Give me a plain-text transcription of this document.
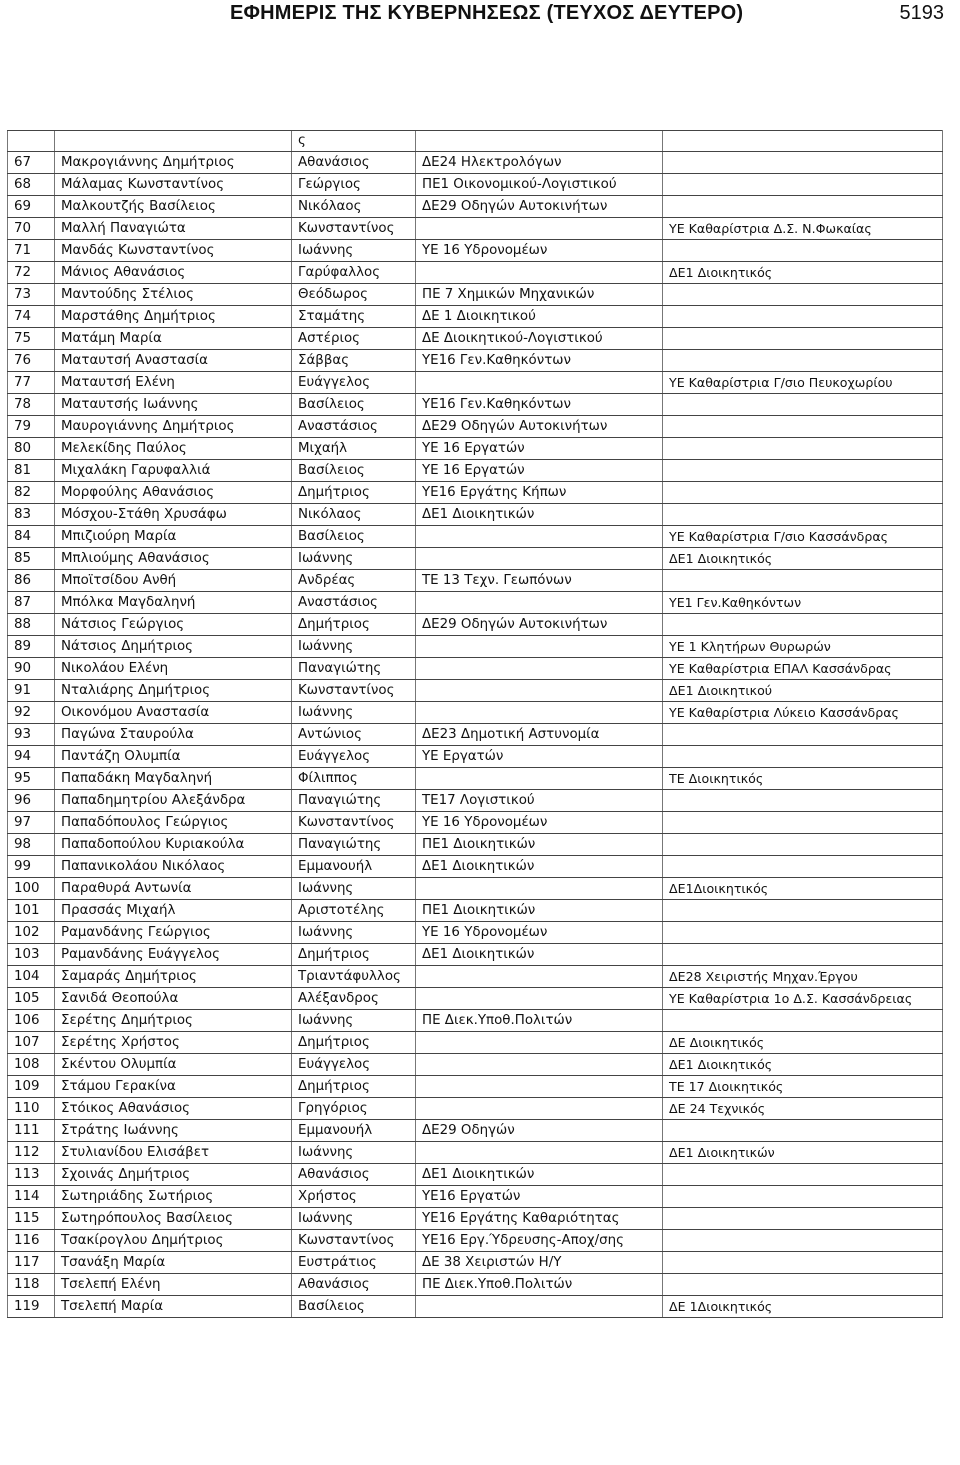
ΕΦΗΜΕΡΙΣ ΤΗΣ ΚΥΒΕΡΝΗΣΕΩΣ (ΤΕΥΧΟΣ ΔΕΥΤΕΡΟ)	5193
		ς		
67	Μακρογιάννης Δημήτριος	Αθανάσιος	ΔΕ24 Ηλεκτρολόγων	
68	Μάλαμας Κωνσταντίνος	Γεώργιος	ΠΕ1 Οικονομικού-Λογιστικού	
69	Μαλκουτζής Βασίλειος	Νικόλαος	ΔΕ29 Οδηγών Αυτοκινήτων	
70	Μαλλή Παναγιώτα	Κωνσταντίνος		ΥΕ Καθαρίστρια Δ.Σ. Ν.Φωκαίας
71	Μανδάς Κωνσταντίνος	Ιωάννης	ΥΕ 16 Υδρονομέων	
72	Μάνιος Αθανάσιος	Γαρύφαλλος		ΔΕ1 Διοικητικός
73	Μαντούδης Στέλιος	Θεόδωρος	ΠΕ 7 Χημικών Μηχανικών	
74	Μαρστάθης Δημήτριος	Σταμάτης	ΔΕ 1 Διοικητικού	
75	Ματάμη Μαρία	Αστέριος	ΔΕ Διοικητικού-Λογιστικού	
76	Ματαυτσή Αναστασία	Σάββας	ΥΕ16 Γεν.Καθηκόντων	
77	Ματαυτσή Ελένη	Ευάγγελος		ΥΕ Καθαρίστρια Γ/σιο Πευκοχωρίου
78	Ματαυτσής Ιωάννης	Βασίλειος	ΥΕ16 Γεν.Καθηκόντων	
79	Μαυρογιάννης Δημήτριος	Αναστάσιος	ΔΕ29 Οδηγών Αυτοκινήτων	
80	Μελεκίδης Παύλος	Μιχαήλ	ΥΕ 16 Εργατών	
81	Μιχαλάκη Γαρυφαλλιά	Βασίλειος	ΥΕ 16 Εργατών	
82	Μορφούλης Αθανάσιος	Δημήτριος	ΥΕ16 Εργάτης Κήπων	
83	Μόσχου-Στάθη Χρυσάφω	Νικόλαος	ΔΕ1 Διοικητικών	
84	Μπιζιούρη Μαρία	Βασίλειος		ΥΕ Καθαρίστρια Γ/σιο Κασσάνδρας
85	Μπλιούμης Αθανάσιος	Ιωάννης		ΔΕ1 Διοικητικός
86	Μποϊτσίδου Ανθή	Ανδρέας	ΤΕ 13 Τεχν. Γεωπόνων	
87	Μπόλκα Μαγδαληνή	Αναστάσιος		ΥΕ1 Γεν.Καθηκόντων
88	Νάτσιος Γεώργιος	Δημήτριος	ΔΕ29 Οδηγών Αυτοκινήτων	
89	Νάτσιος Δημήτριος	Ιωάννης		ΥΕ 1 Κλητήρων Θυρωρών
90	Νικολάου Ελένη	Παναγιώτης		ΥΕ Καθαρίστρια ΕΠΑΛ Κασσάνδρας
91	Νταλιάρης Δημήτριος	Κωνσταντίνος		ΔΕ1 Διοικητικού
92	Οικονόμου Αναστασία	Ιωάννης		ΥΕ Καθαρίστρια Λύκειο Κασσάνδρας
93	Παγώνα Σταυρούλα	Αντώνιος	ΔΕ23 Δημοτική Αστυνομία	
94	Παντάζη Ολυμπία	Ευάγγελος	ΥΕ Εργατών	
95	Παπαδάκη Μαγδαληνή	Φίλιππος		ΤΕ Διοικητικός
96	Παπαδημητρίου Αλεξάνδρα	Παναγιώτης	ΤΕ17 Λογιστικού	
97	Παπαδόπουλος Γεώργιος	Κωνσταντίνος	ΥΕ 16 Υδρονομέων	
98	Παπαδοπούλου Κυριακούλα	Παναγιώτης	ΠΕ1 Διοικητικών	
99	Παπανικολάου Νικόλαος	Εμμανουήλ	ΔΕ1 Διοικητικών	
100	Παραθυρά Αντωνία	Ιωάννης		ΔΕ1Διοικητικός
101	Πρασσάς Μιχαήλ	Αριστοτέλης	ΠΕ1 Διοικητικών	
102	Ραμανδάνης Γεώργιος	Ιωάννης	ΥΕ 16 Υδρονομέων	
103	Ραμανδάνης Ευάγγελος	Δημήτριος	ΔΕ1 Διοικητικών	
104	Σαμαράς Δημήτριος	Τριαντάφυλλος		ΔΕ28 Χειριστής Μηχαν.Έργου
105	Σανιδά Θεοπούλα	Αλέξανδρος		ΥΕ Καθαρίστρια 1ο Δ.Σ. Κασσάνδρειας
106	Σερέτης Δημήτριος	Ιωάννης	ΠΕ Διεκ.Υποθ.Πολιτών	
107	Σερέτης Χρήστος	Δημήτριος		ΔΕ Διοικητικός
108	Σκέντου Ολυμπία	Ευάγγελος		ΔΕ1 Διοικητικός
109	Στάμου Γερακίνα	Δημήτριος		ΤΕ 17 Διοικητικός
110	Στόικος Αθανάσιος	Γρηγόριος		ΔΕ 24 Τεχνικός
111	Στράτης Ιωάννης	Εμμανουήλ	ΔΕ29 Οδηγών	
112	Στυλιανίδου Ελισάβετ	Ιωάννης		ΔΕ1 Διοικητικών
113	Σχοινάς Δημήτριος	Αθανάσιος	ΔΕ1 Διοικητικών	
114	Σωτηριάδης Σωτήριος	Χρήστος	ΥΕ16 Εργατών	
115	Σωτηρόπουλος Βασίλειος	Ιωάννης	ΥΕ16 Εργάτης Καθαριότητας	
116	Τσακίρογλου Δημήτριος	Κωνσταντίνος	ΥΕ16 Εργ.Ύδρευσης-Αποχ/σης	
117	Τσανάξη Μαρία	Ευστράτιος	ΔΕ 38 Χειριστών Η/Υ	
118	Τσελεπή Ελένη	Αθανάσιος	ΠΕ Διεκ.Υποθ.Πολιτών	
119	Τσελεπή Μαρία	Βασίλειος		ΔΕ 1Διοικητικός
